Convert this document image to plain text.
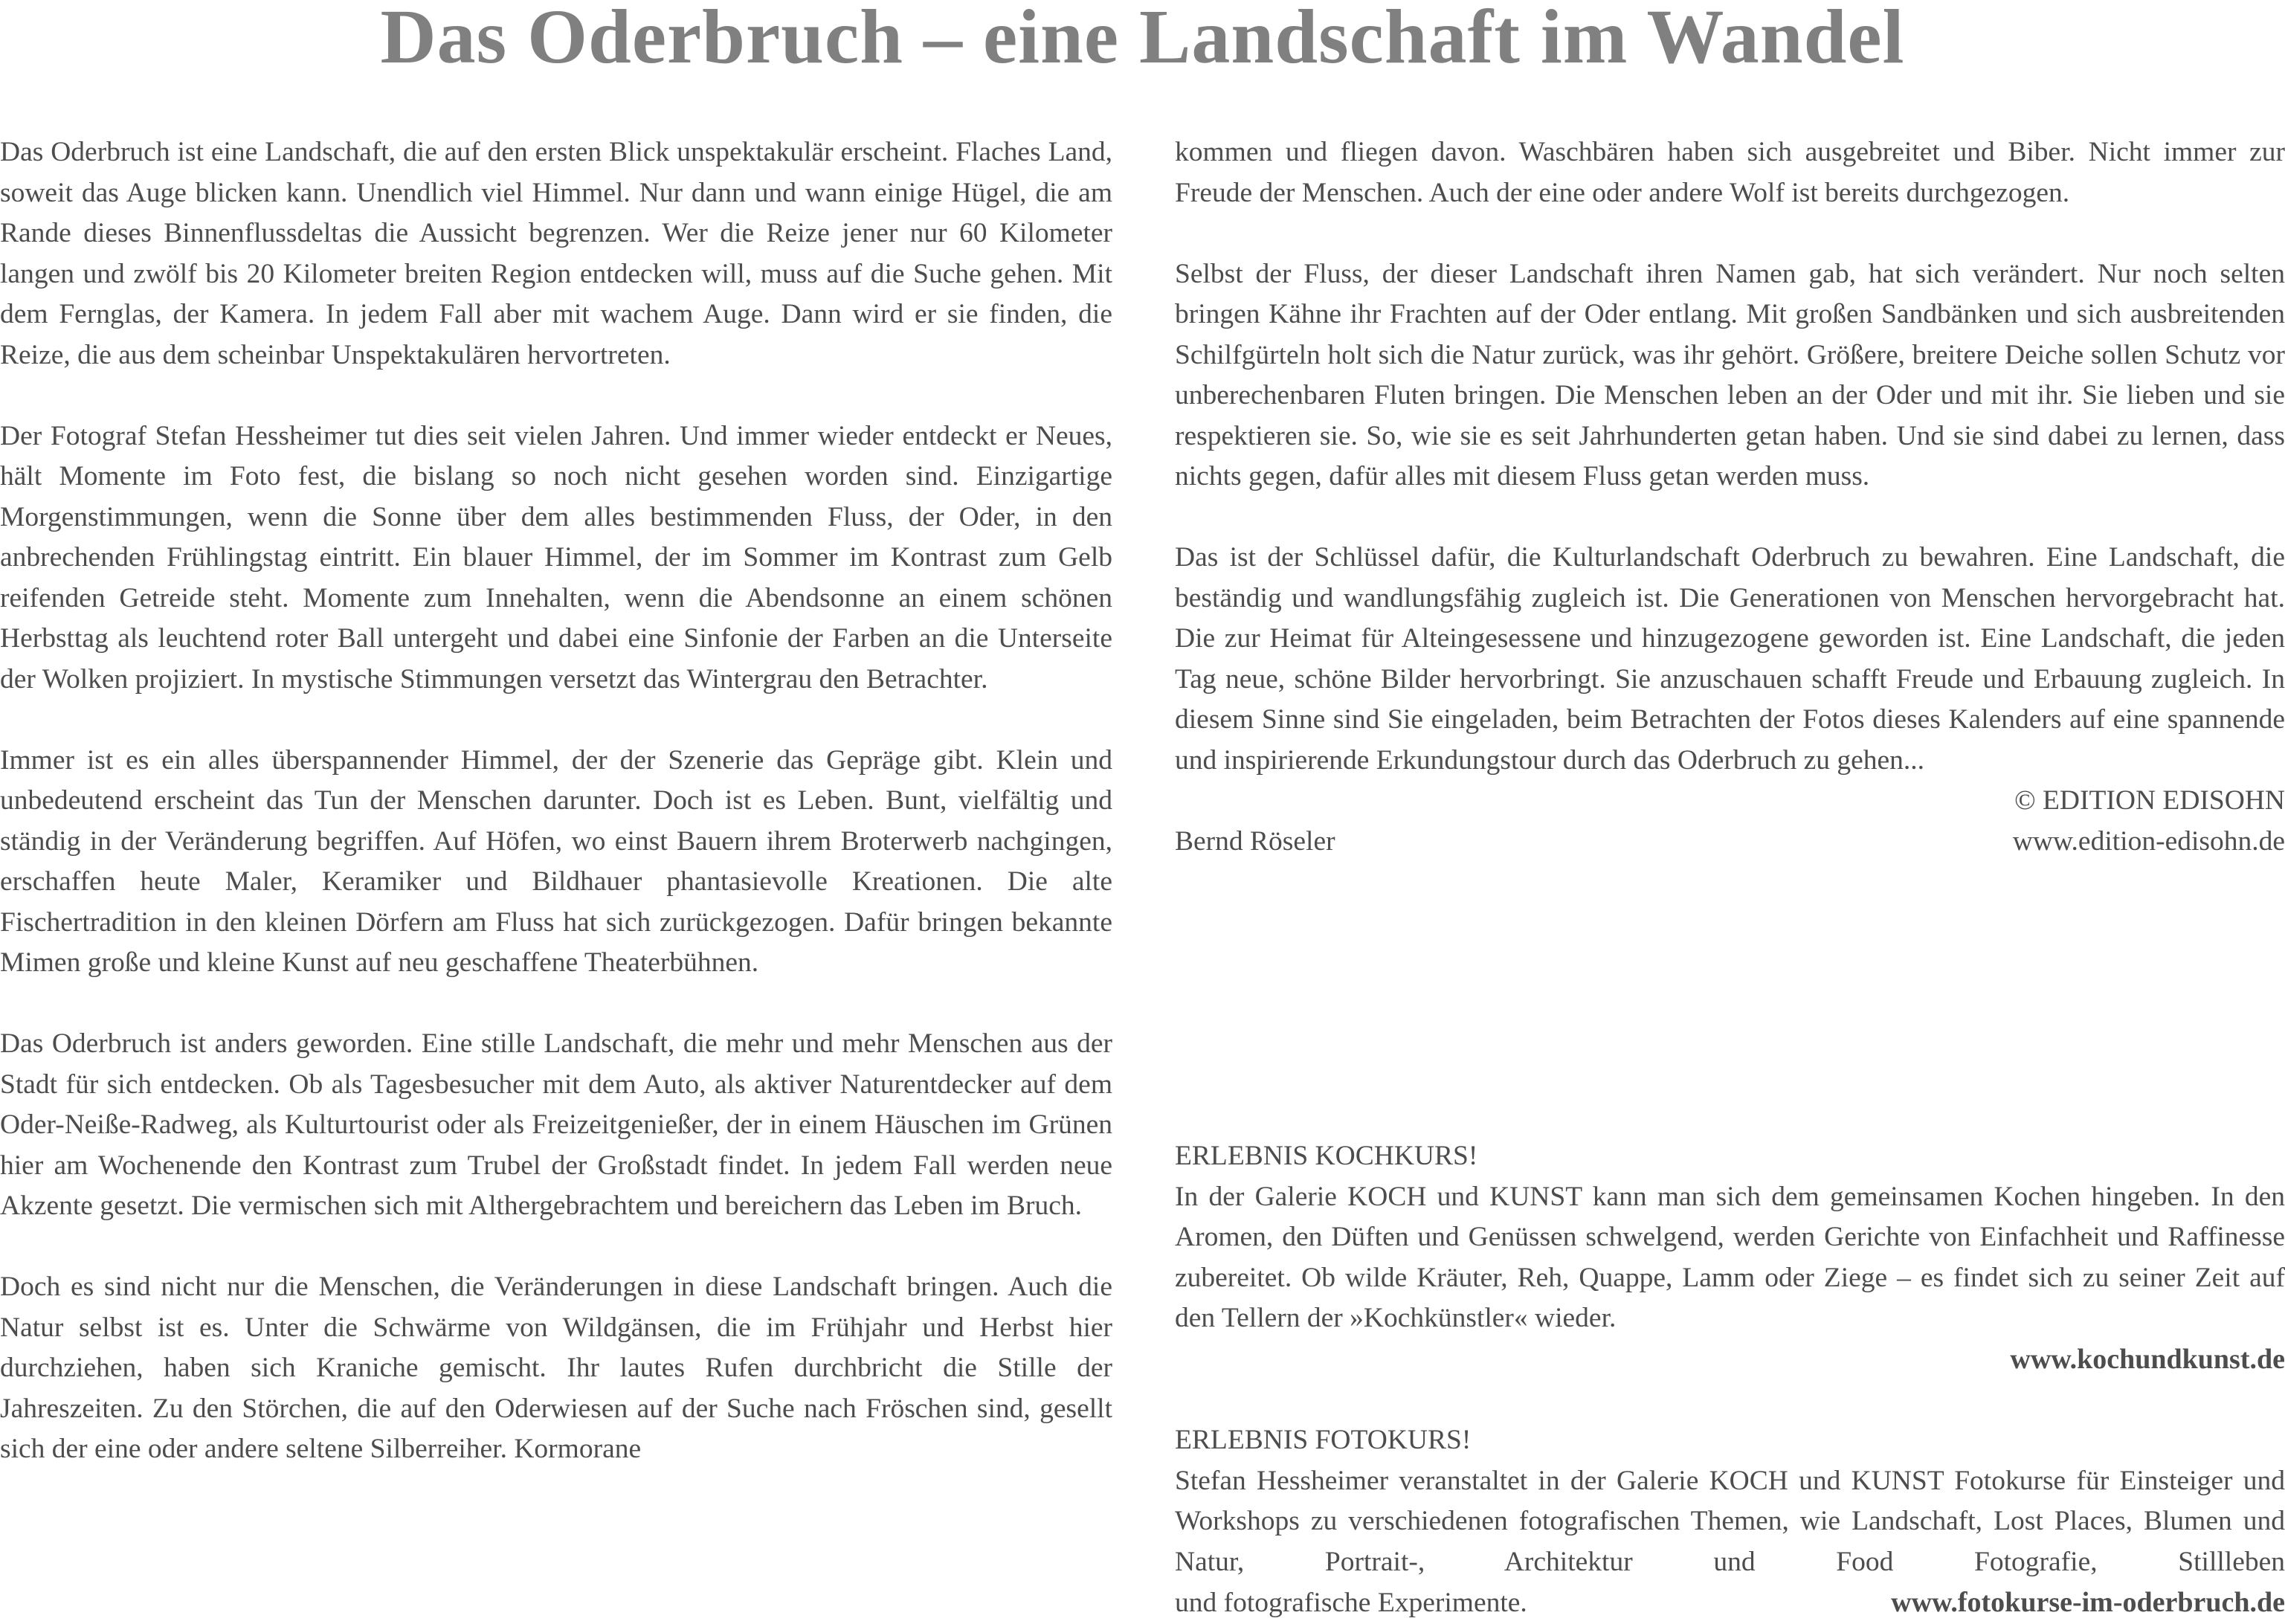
Das Oderbruch – eine Landschaft im Wandel

Das Oderbruch ist eine Landschaft, die auf den ersten Blick unspektakulär erscheint. Flaches Land, soweit das Auge blicken kann. Unendlich viel Himmel. Nur dann und wann einige Hügel, die am Rande dieses Binnenflussdeltas die Aussicht begrenzen. Wer die Reize jener nur 60 Kilometer langen und zwölf bis 20 Kilometer breiten Region entdecken will, muss auf die Suche gehen. Mit dem Fernglas, der Kamera. In jedem Fall aber mit wachem Auge. Dann wird er sie finden, die Reize, die aus dem scheinbar Unspektakulären hervortreten.

Der Fotograf Stefan Hessheimer tut dies seit vielen Jahren. Und immer wieder entdeckt er Neues, hält Momente im Foto fest, die bislang so noch nicht gesehen worden sind. Einzigartige Morgenstimmungen, wenn die Sonne über dem alles bestimmenden Fluss, der Oder, in den anbrechenden Frühlingstag eintritt. Ein blauer Himmel, der im Sommer im Kontrast zum Gelb reifenden Getreide steht. Momente zum Innehalten, wenn die Abendsonne an einem schönen Herbsttag als leuchtend roter Ball untergeht und dabei eine Sinfonie der Farben an die Unterseite der Wolken projiziert. In mystische Stimmungen versetzt das Wintergrau den Betrachter.

Immer ist es ein alles überspannender Himmel, der der Szenerie das Gepräge gibt. Klein und unbedeutend erscheint das Tun der Menschen darunter. Doch ist es Leben. Bunt, vielfältig und ständig in der Veränderung begriffen. Auf Höfen, wo einst Bauern ihrem Broterwerb nachgingen, erschaffen heute Maler, Keramiker und Bildhauer phantasievolle Kreationen. Die alte Fischertradition in den kleinen Dörfern am Fluss hat sich zurückgezogen. Dafür bringen bekannte Mimen große und kleine Kunst auf neu geschaffene Theaterbühnen.

Das Oderbruch ist anders geworden. Eine stille Landschaft, die mehr und mehr Menschen aus der Stadt für sich entdecken. Ob als Tagesbesucher mit dem Auto, als aktiver Naturentdecker auf dem Oder-Neiße-Radweg, als Kulturtourist oder als Freizeitgenießer, der in einem Häuschen im Grünen hier am Wochenende den Kontrast zum Trubel der Großstadt findet. In jedem Fall werden neue Akzente gesetzt. Die vermischen sich mit Althergebrachtem und bereichern das Leben im Bruch.

Doch es sind nicht nur die Menschen, die Veränderungen in diese Landschaft bringen. Auch die Natur selbst ist es. Unter die Schwärme von Wildgänsen, die im Frühjahr und Herbst hier durchziehen, haben sich Kraniche gemischt. Ihr lautes Rufen durchbricht die Stille der Jahreszeiten. Zu den Störchen, die auf den Oderwiesen auf der Suche nach Fröschen sind, gesellt sich der eine oder andere seltene Silberreiher. Kormorane

kommen und fliegen davon. Waschbären haben sich ausgebreitet und Biber. Nicht immer zur Freude der Menschen. Auch der eine oder andere Wolf ist bereits durchgezogen.

Selbst der Fluss, der dieser Landschaft ihren Namen gab, hat sich verändert. Nur noch selten bringen Kähne ihr Frachten auf der Oder entlang. Mit großen Sandbänken und sich ausbreitenden Schilfgürteln holt sich die Natur zurück, was ihr gehört. Größere, breitere Deiche sollen Schutz vor unberechenbaren Fluten bringen. Die Menschen leben an der Oder und mit ihr. Sie lieben und sie respektieren sie. So, wie sie es seit Jahrhunderten getan haben. Und sie sind dabei zu lernen, dass nichts gegen, dafür alles mit diesem Fluss getan werden muss.

Das ist der Schlüssel dafür, die Kulturlandschaft Oderbruch zu bewahren. Eine Landschaft, die beständig und wandlungsfähig zugleich ist. Die Generationen von Menschen hervorgebracht hat. Die zur Heimat für Alteingesessene und hinzugezogene geworden ist. Eine Landschaft, die jeden Tag neue, schöne Bilder hervorbringt. Sie anzuschauen schafft Freude und Erbauung zugleich. In diesem Sinne sind Sie eingeladen, beim Betrachten der Fotos dieses Kalenders auf eine spannende und inspirierende Erkundungstour durch das Oderbruch zu gehen...

© EDITION EDISOHN
Bernd Röseler	www.edition-edisohn.de
ERLEBNIS KOCHKURS!

In der Galerie KOCH und KUNST kann man sich dem gemeinsamen Kochen hingeben. In den Aromen, den Düften und Genüssen schwelgend, werden Gerichte von Einfachheit und Raffinesse zubereitet. Ob wilde Kräuter, Reh, Quappe, Lamm oder Ziege – es findet sich zu seiner Zeit auf den Tellern der »Kochkünstler« wieder.

www.kochundkunst.de
ERLEBNIS FOTOKURS!

Stefan Hessheimer veranstaltet in der Galerie KOCH und KUNST Fotokurse für Einsteiger und Workshops zu verschiedenen fotografischen Themen, wie Landschaft, Lost Places, Blumen und Natur, Portrait-, Architektur und Food Fotografie, Stillleben

und fotografische Experimente.	www.fotokurse-im-oderbruch.de
